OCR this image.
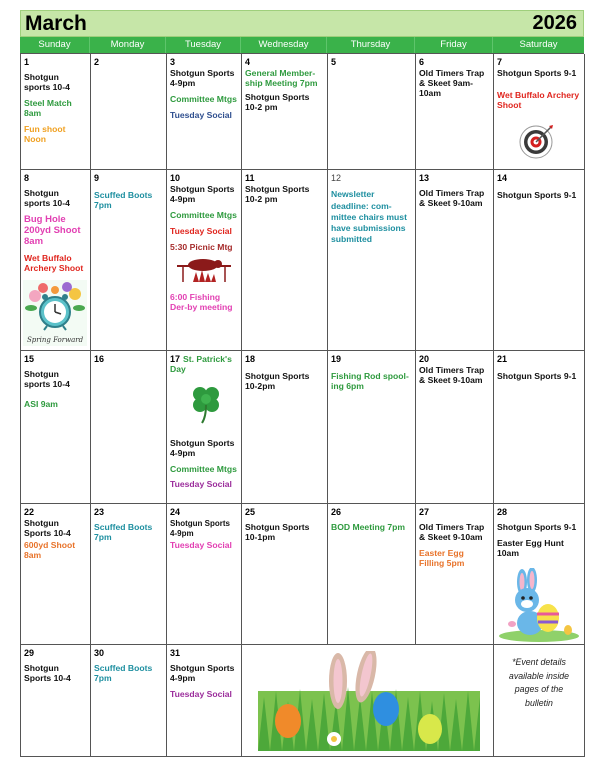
March	2026
Sunday	Monday	Tuesday	Wednesday	Thursday	Friday	Saturday
1
Shotgun sports 10-4
Steel Match 8am
Fun shoot Noon
2	3
Shotgun Sports 4-9pm
Committee Mtgs
Tuesday Social
4
General Member-ship Meeting 7pm
Shotgun Sports 10-2 pm
5	6
Old Timers Trap & Skeet 9am-10am
7
Shotgun Sports 9-1
Wet Buffalo Archery Shoot
8
Shotgun sports 10-4
Bug Hole 200yd Shoot 8am
Wet Buffalo Archery Shoot
Spring Forward
9
Scuffed Boots 7pm
10
Shotgun Sports 4-9pm
Committee Mtgs
Tuesday Social
5:30 Picnic Mtg
6:00 Fishing Der-by meeting
11
Shotgun Sports 10-2 pm
12
Newsletter deadline: com-mittee chairs must have submissions submitted
13
Old Timers Trap & Skeet 9-10am
14
Shotgun Sports 9-1
15
Shotgun sports 10-4
ASI 9am
16	17 St. Patrick's Day
Shotgun Sports 4-9pm
Committee Mtgs
Tuesday Social
18
Shotgun Sports 10-2pm
19
Fishing Rod spool-ing 6pm
20
Old Timers Trap & Skeet 9-10am
21
Shotgun Sports 9-1
22
Shotgun Sports 10-4
600yd Shoot 8am
23
Scuffed Boots 7pm
24
Shotgun Sports 4-9pm
Tuesday Social
25
Shotgun Sports 10-1pm
26
BOD Meeting 7pm
27
Old Timers Trap & Skeet 9-10am
Easter Egg Filling 5pm
28
Shotgun Sports 9-1
Easter Egg Hunt 10am
29
Shotgun Sports 10-4
30
Scuffed Boots 7pm
31
Shotgun Sports 4-9pm
Tuesday Social
*Event details available inside pages of the bulletin
